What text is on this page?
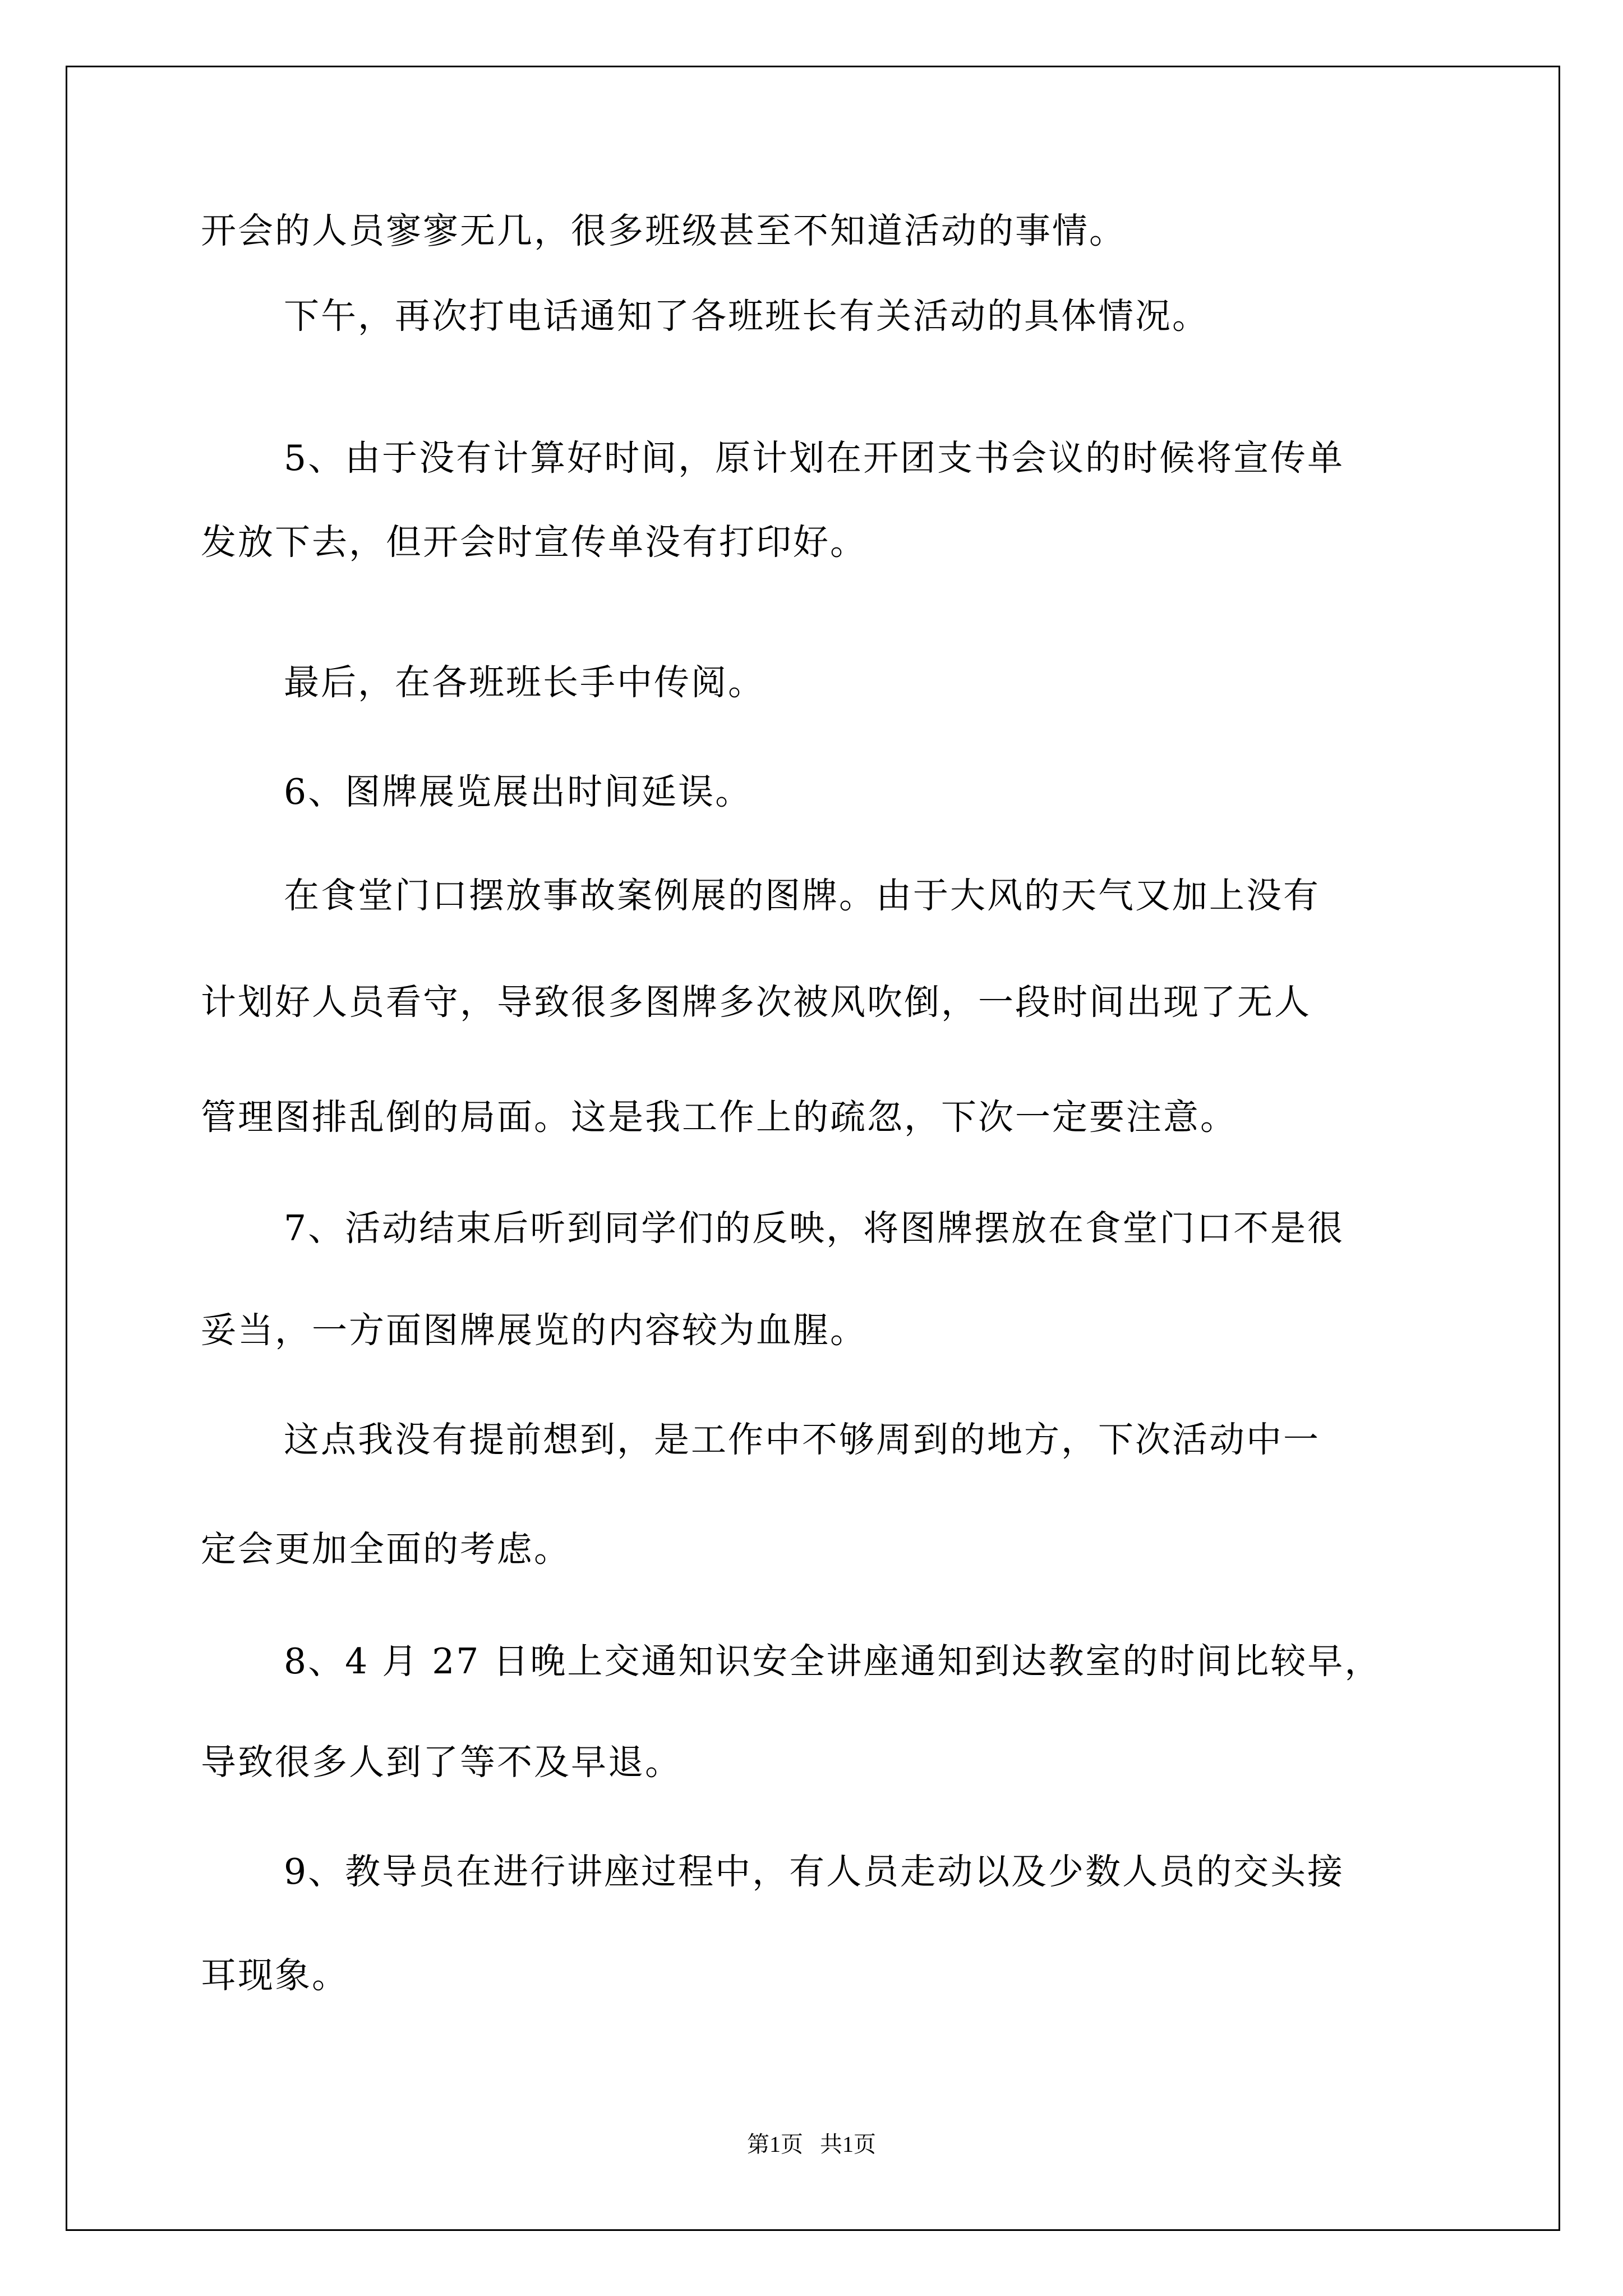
开会的人员寥寥无几，很多班级甚至不知道活动的事情。
下午，再次打电话通知了各班班长有关活动的具体情况。
5、由于没有计算好时间，原计划在开团支书会议的时候将宣传单
发放下去，但开会时宣传单没有打印好。
最后，在各班班长手中传阅。
6、图牌展览展出时间延误。
在食堂门口摆放事故案例展的图牌。由于大风的天气又加上没有
计划好人员看守，导致很多图牌多次被风吹倒，一段时间出现了无人
管理图排乱倒的局面。这是我工作上的疏忽，下次一定要注意。
7、活动结束后听到同学们的反映，将图牌摆放在食堂门口不是很
妥当，一方面图牌展览的内容较为血腥。
这点我没有提前想到，是工作中不够周到的地方，下次活动中一
定会更加全面的考虑。
8、4 月 27 日晚上交通知识安全讲座通知到达教室的时间比较早，
导致很多人到了等不及早退。
9、教导员在进行讲座过程中，有人员走动以及少数人员的交头接
耳现象。
第1页   共1页
